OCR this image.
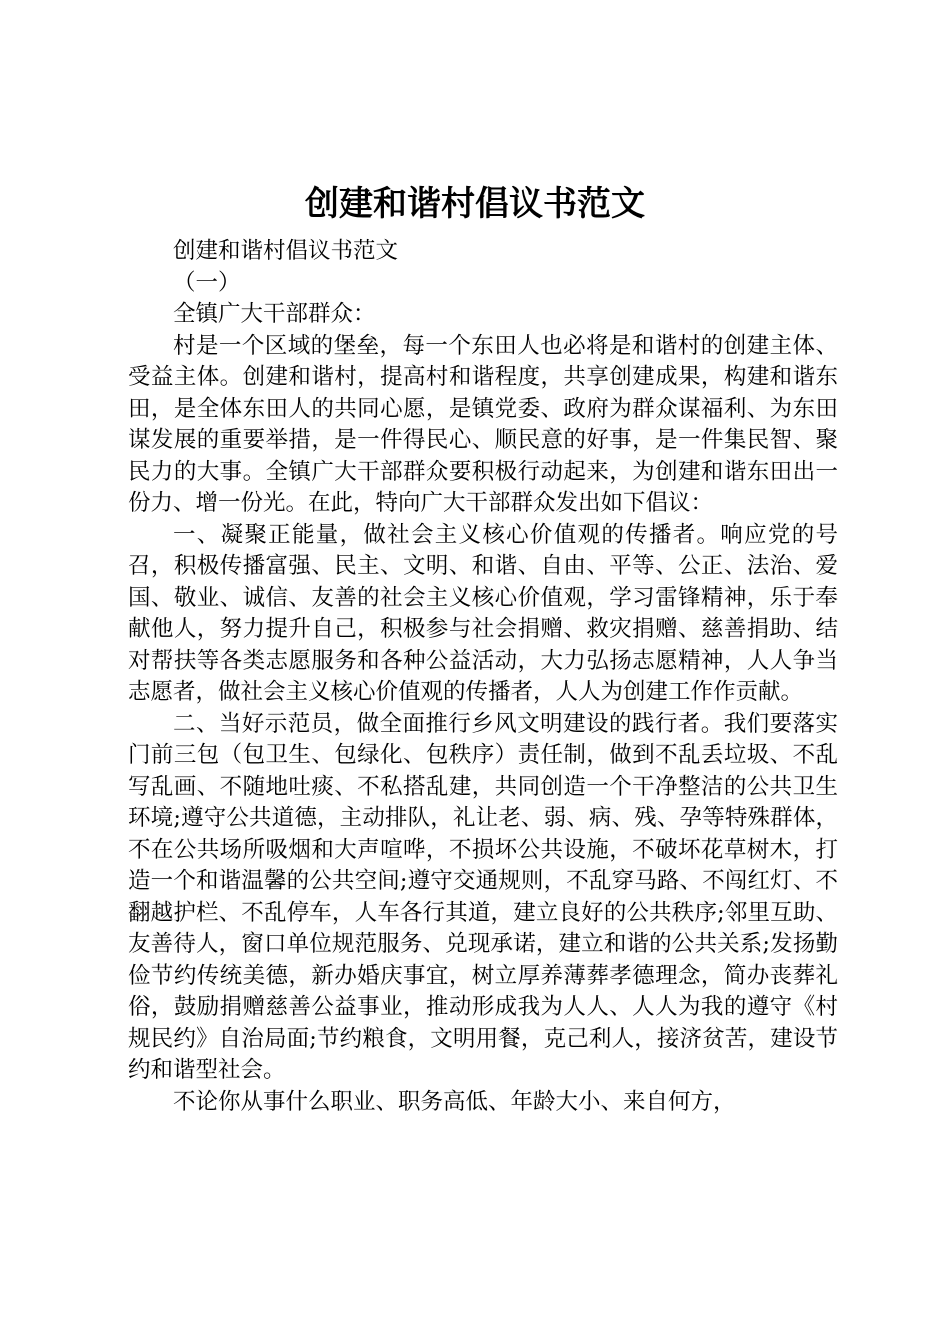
创建和谐村倡议书范文

创建和谐村倡议书范文

（一）

全镇广大干部群众：

村是一个区域的堡垒，每一个东田人也必将是和谐村的创建主体、受益主体。创建和谐村，提高村和谐程度，共享创建成果，构建和谐东田，是全体东田人的共同心愿，是镇党委、政府为群众谋福利、为东田谋发展的重要举措，是一件得民心、顺民意的好事，是一件集民智、聚民力的大事。全镇广大干部群众要积极行动起来，为创建和谐东田出一份力、增一份光。在此，特向广大干部群众发出如下倡议：

一、凝聚正能量，做社会主义核心价值观的传播者。响应党的号召，积极传播富强、民主、文明、和谐、自由、平等、公正、法治、爱国、敬业、诚信、友善的社会主义核心价值观，学习雷锋精神，乐于奉献他人，努力提升自己，积极参与社会捐赠、救灾捐赠、慈善捐助、结对帮扶等各类志愿服务和各种公益活动，大力弘扬志愿精神，人人争当志愿者，做社会主义核心价值观的传播者，人人为创建工作作贡献。

二、当好示范员，做全面推行乡风文明建设的践行者。我们要落实门前三包（包卫生、包绿化、包秩序）责任制，做到不乱丢垃圾、不乱写乱画、不随地吐痰、不私搭乱建，共同创造一个干净整洁的公共卫生环境;遵守公共道德，主动排队，礼让老、弱、病、残、孕等特殊群体，不在公共场所吸烟和大声喧哗，不损坏公共设施，不破坏花草树木，打造一个和谐温馨的公共空间;遵守交通规则，不乱穿马路、不闯红灯、不翻越护栏、不乱停车，人车各行其道，建立良好的公共秩序;邻里互助、友善待人，窗口单位规范服务、兑现承诺，建立和谐的公共关系;发扬勤俭节约传统美德，新办婚庆事宜，树立厚养薄葬孝德理念，简办丧葬礼俗，鼓励捐赠慈善公益事业，推动形成我为人人、人人为我的遵守《村规民约》自治局面;节约粮食，文明用餐，克己利人，接济贫苦，建设节约和谐型社会。

不论你从事什么职业、职务高低、年龄大小、来自何方，
